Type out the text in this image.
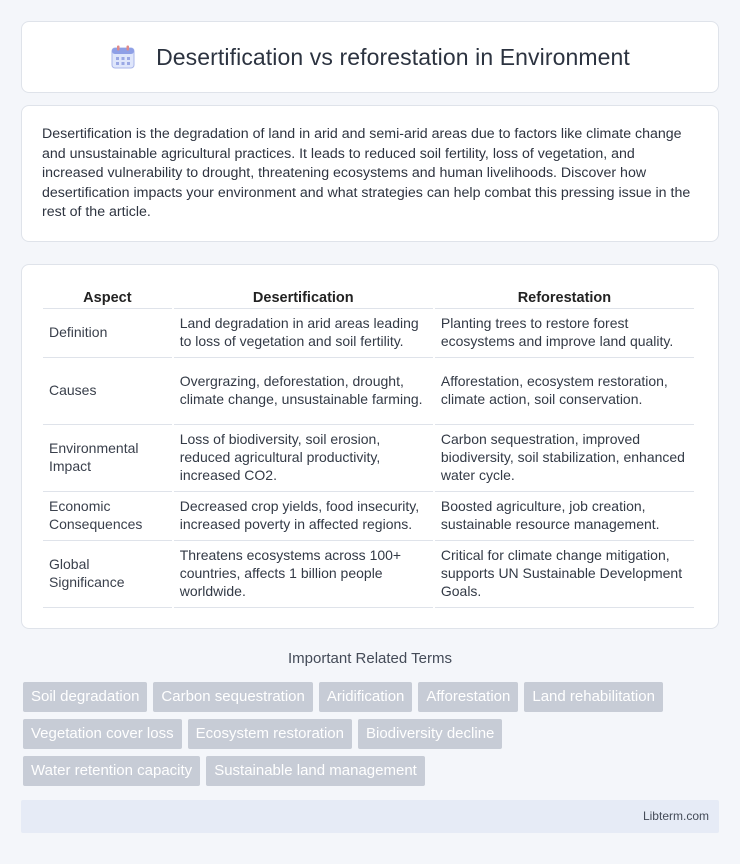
Desertification vs reforestation in Environment

Desertification is the degradation of land in arid and semi-arid areas due to factors like climate change and unsustainable agricultural practices. It leads to reduced soil fertility, loss of vegetation, and increased vulnerability to drought, threatening ecosystems and human livelihoods. Discover how desertification impacts your environment and what strategies can help combat this pressing issue in the rest of the article.

Aspect	Desertification	Reforestation
Definition	Land degradation in arid areas leading to loss of vegetation and soil fertility.	Planting trees to restore forest ecosystems and improve land quality.
Causes	Overgrazing, deforestation, drought, climate change, unsustainable farming.	Afforestation, ecosystem restoration, climate action, soil conservation.
Environmental Impact	Loss of biodiversity, soil erosion, reduced agricultural productivity, increased CO2.	Carbon sequestration, improved biodiversity, soil stabilization, enhanced water cycle.
Economic Consequences	Decreased crop yields, food insecurity, increased poverty in affected regions.	Boosted agriculture, job creation, sustainable resource management.
Global Significance	Threatens ecosystems across 100+ countries, affects 1 billion people worldwide.	Critical for climate change mitigation, supports UN Sustainable Development Goals.
Important Related Terms
Soil degradation	Carbon sequestration	Aridification	Afforestation	Land rehabilitation
Vegetation cover loss	Ecosystem restoration	Biodiversity decline
Water retention capacity	Sustainable land management
Libterm.com
